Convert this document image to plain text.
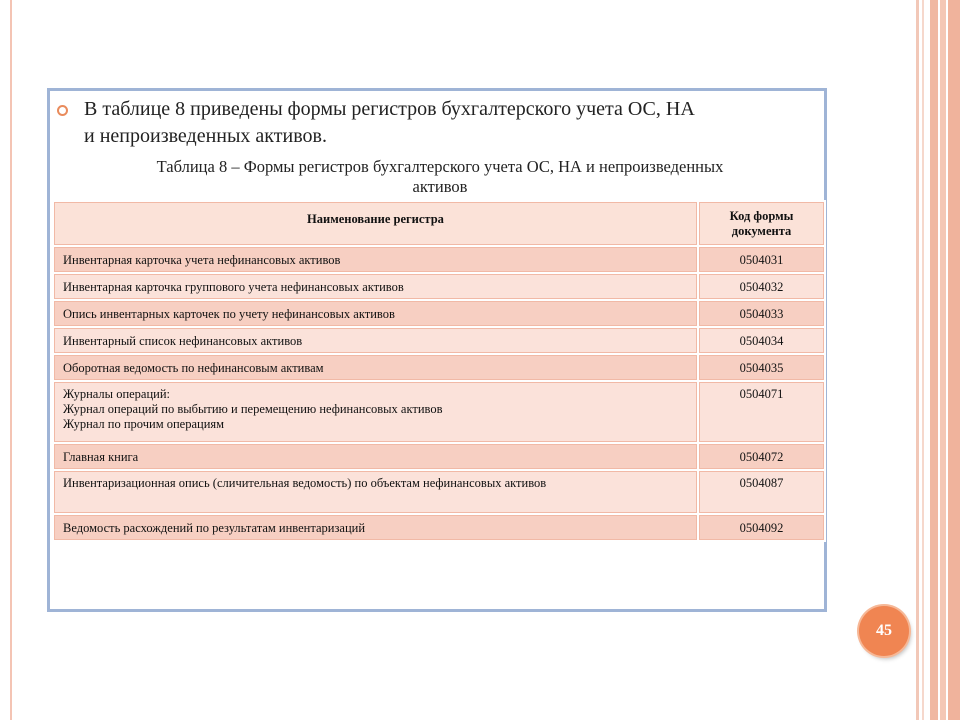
В таблице 8 приведены формы регистров бухгалтерского учета ОС, НА
и непроизведенных активов.
Таблица 8 – Формы регистров бухгалтерского учета ОС, НА и непроизведенных
активов
Наименование регистра	Код формы
документа

Инвентарная карточка учета нефинансовых активов	0504031
Инвентарная карточка группового учета нефинансовых активов	0504032
Опись инвентарных карточек по учету нефинансовых активов	0504033
Инвентарный список нефинансовых активов	0504034
Оборотная ведомость по нефинансовым активам	0504035

Журналы операций:
Журнал операций по выбытию и перемещению нефинансовых активов
Журнал по прочим операциям	0504071
Главная книга	0504072
Инвентаризационная опись (сличительная ведомость) по объектам нефинансовых активов	0504087
Ведомость расхождений по результатам инвентаризаций	0504092
45
